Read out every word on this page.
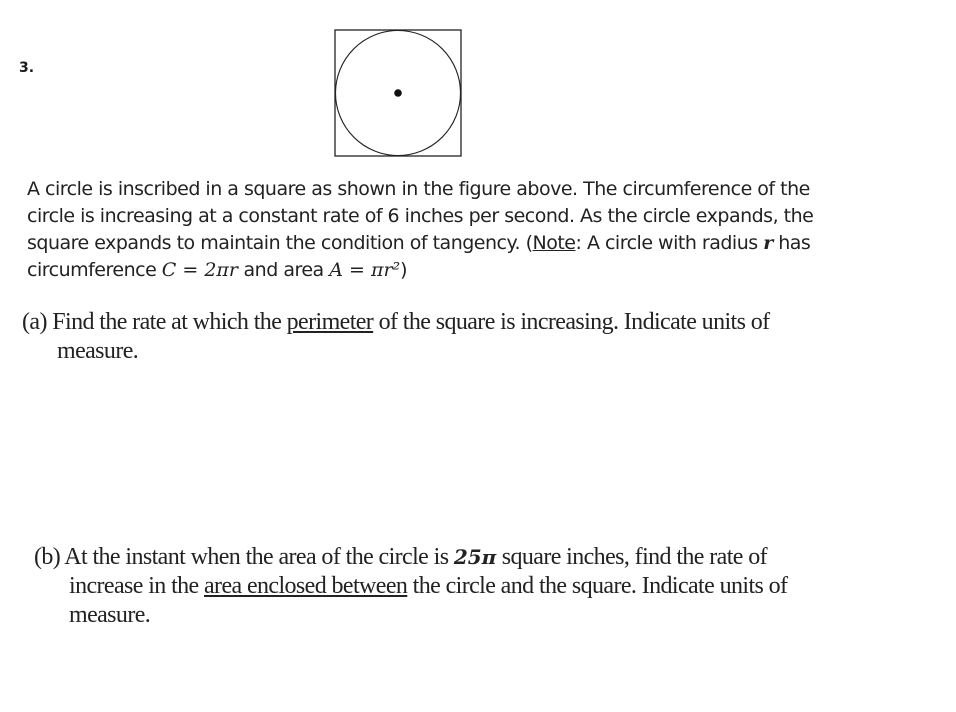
3.
A circle is inscribed in a square as shown in the figure above. The circumference of the
circle is increasing at a constant rate of 6 inches per second. As the circle expands, the
square expands to maintain the condition of tangency. (Note: A circle with radius r has
circumference C = 2πr and area A = πr²)
(a) Find the rate at which the perimeter of the square is increasing. Indicate units of
measure.
(b) At the instant when the area of the circle is 25π square inches, find the rate of
increase in the area enclosed between the circle and the square. Indicate units of
measure.
